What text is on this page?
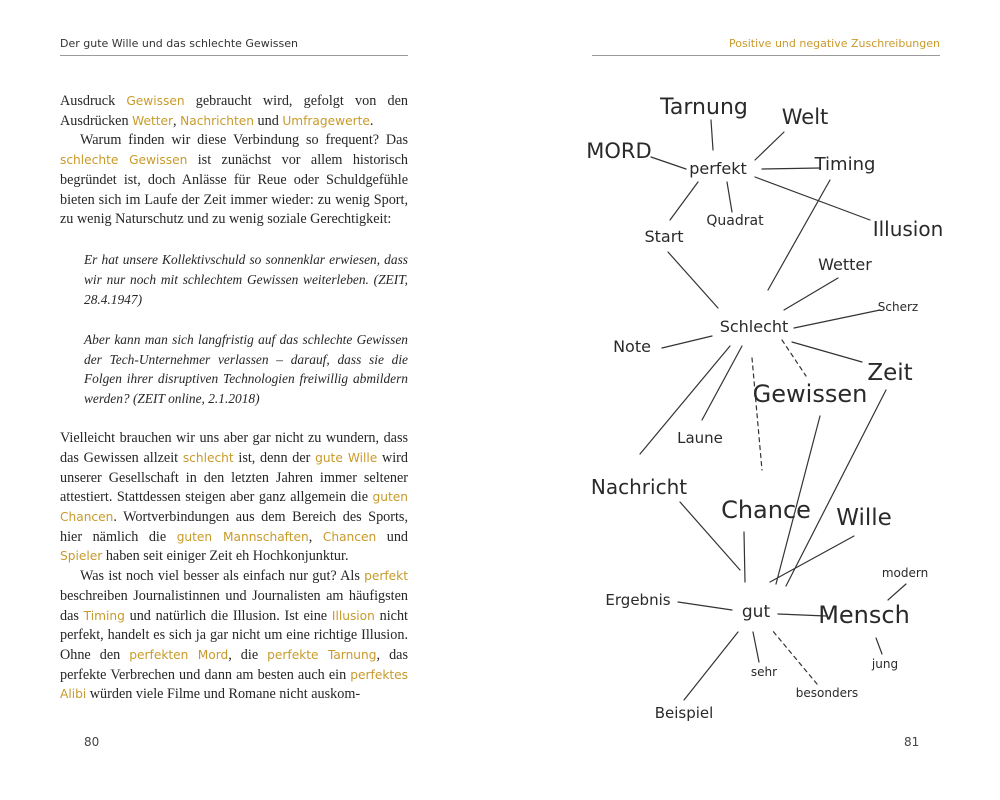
Der gute Wille und das schlechte Gewissen

Ausdruck Gewissen gebraucht wird, gefolgt von den Ausdrücken Wetter, Nachrichten und Umfragewerte.

Warum finden wir diese Verbindung so frequent? Das schlechte Gewissen ist zunächst vor allem historisch begründet ist, doch Anlässe für Reue oder Schuldgefühle bieten sich im Laufe der Zeit immer wieder: zu wenig Sport, zu wenig Naturschutz und zu wenig soziale Gerechtigkeit:

Er hat unsere Kollektivschuld so sonnenklar erwiesen, dass wir nur noch mit schlechtem Gewissen weiterleben. (ZEIT, 28.4.1947)

Aber kann man sich langfristig auf das schlechte Gewissen der Tech-Unternehmer verlassen – darauf, dass sie die Folgen ihrer disruptiven Technologien freiwillig abmildern werden? (ZEIT online, 2.1.2018)

Vielleicht brauchen wir uns aber gar nicht zu wundern, dass das Gewissen allzeit schlecht ist, denn der gute Wille wird unserer Gesellschaft in den letzten Jahren immer seltener attestiert. Stattdessen steigen aber ganz allgemein die guten Chancen. Wortverbindungen aus dem Bereich des Sports, hier nämlich die guten Mannschaften, Chancen und Spieler haben seit einiger Zeit eh Hochkonjunktur.

Was ist noch viel besser als einfach nur gut? Als perfekt beschreiben Journalistinnen und Journalisten am häufigsten das Timing und natürlich die Illusion. Ist eine Illusion nicht perfekt, handelt es sich ja gar nicht um eine richtige Illusion. Ohne den perfekten Mord, die perfekte Tarnung, das perfekte Verbrechen und dann am besten auch ein perfektes Alibi würden viele Filme und Romane nicht auskom-

80
Positive und negative Zuschreibungen
Tarnung Welt
MORD
perfekt	Timing
Quadrat	Illusion
Start
Wetter
Scherz
Schlecht
Note
Zeit
Gewissen
Laune
Nachricht
Chance Wille
modern
Ergebnis
gut Mensch
jung
sehr
besonders
Beispiel
81
